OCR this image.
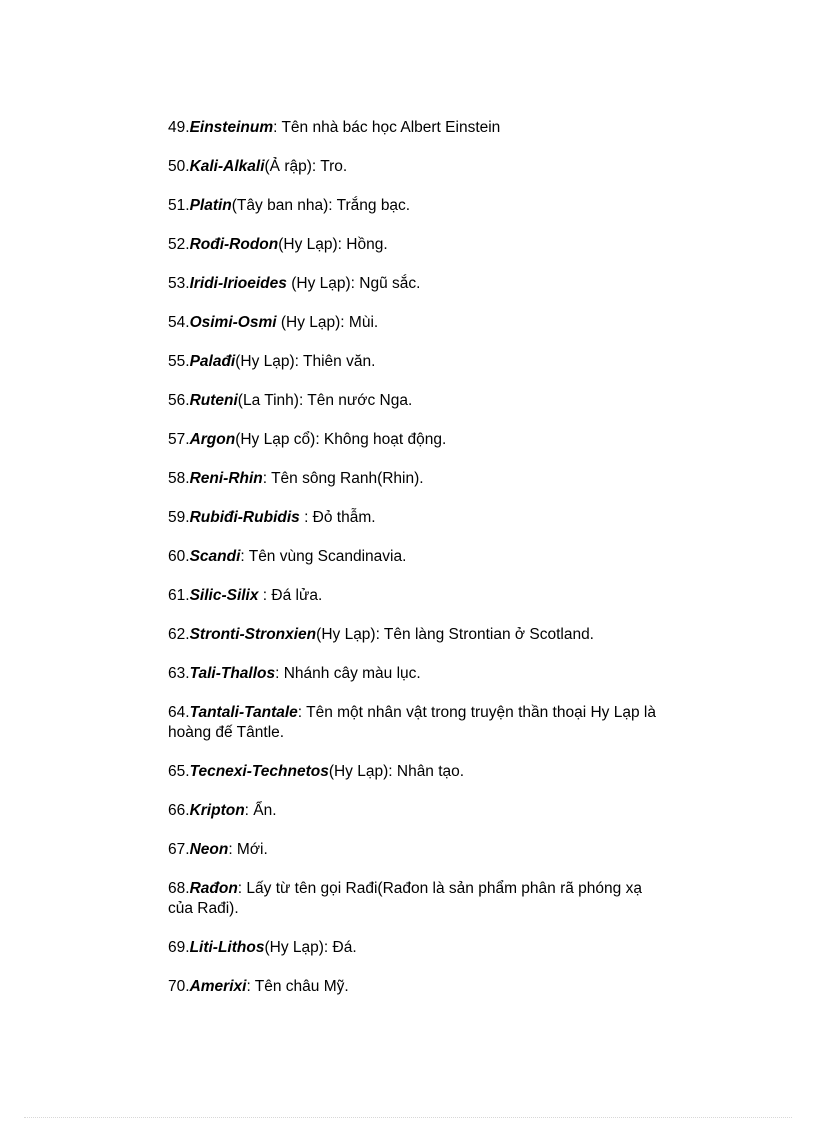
49.Einsteinum: Tên nhà bác học Albert Einstein

50.Kali-Alkali(Ả rập): Tro.

51.Platin(Tây ban nha): Trắng bạc.

52.Rođi-Rodon(Hy Lạp): Hồng.

53.Iridi-Irioeides (Hy Lạp): Ngũ sắc.

54.Osimi-Osmi (Hy Lạp): Mùi.

55.Palađi(Hy Lạp): Thiên văn.

56.Ruteni(La Tinh): Tên nước Nga.

57.Argon(Hy Lạp cổ): Không hoạt động.

58.Reni-Rhin: Tên sông Ranh(Rhin).

59.Rubiđi-Rubidis : Đỏ thẫm.

60.Scandi: Tên vùng Scandinavia.

61.Silic-Silix : Đá lửa.

62.Stronti-Stronxien(Hy Lạp): Tên làng Strontian ở Scotland.

63.Tali-Thallos: Nhánh cây màu lục.

64.Tantali-Tantale: Tên một nhân vật trong truyện thần thoại Hy Lạp là hoàng đế Tântle.

65.Tecnexi-Technetos(Hy Lạp): Nhân tạo.

66.Kripton: Ẩn.

67.Neon: Mới.

68.Rađon: Lấy từ tên gọi Rađi(Rađon là sản phẩm phân rã phóng xạ của Rađi).

69.Liti-Lithos(Hy Lạp): Đá.

70.Amerixi: Tên châu Mỹ.
